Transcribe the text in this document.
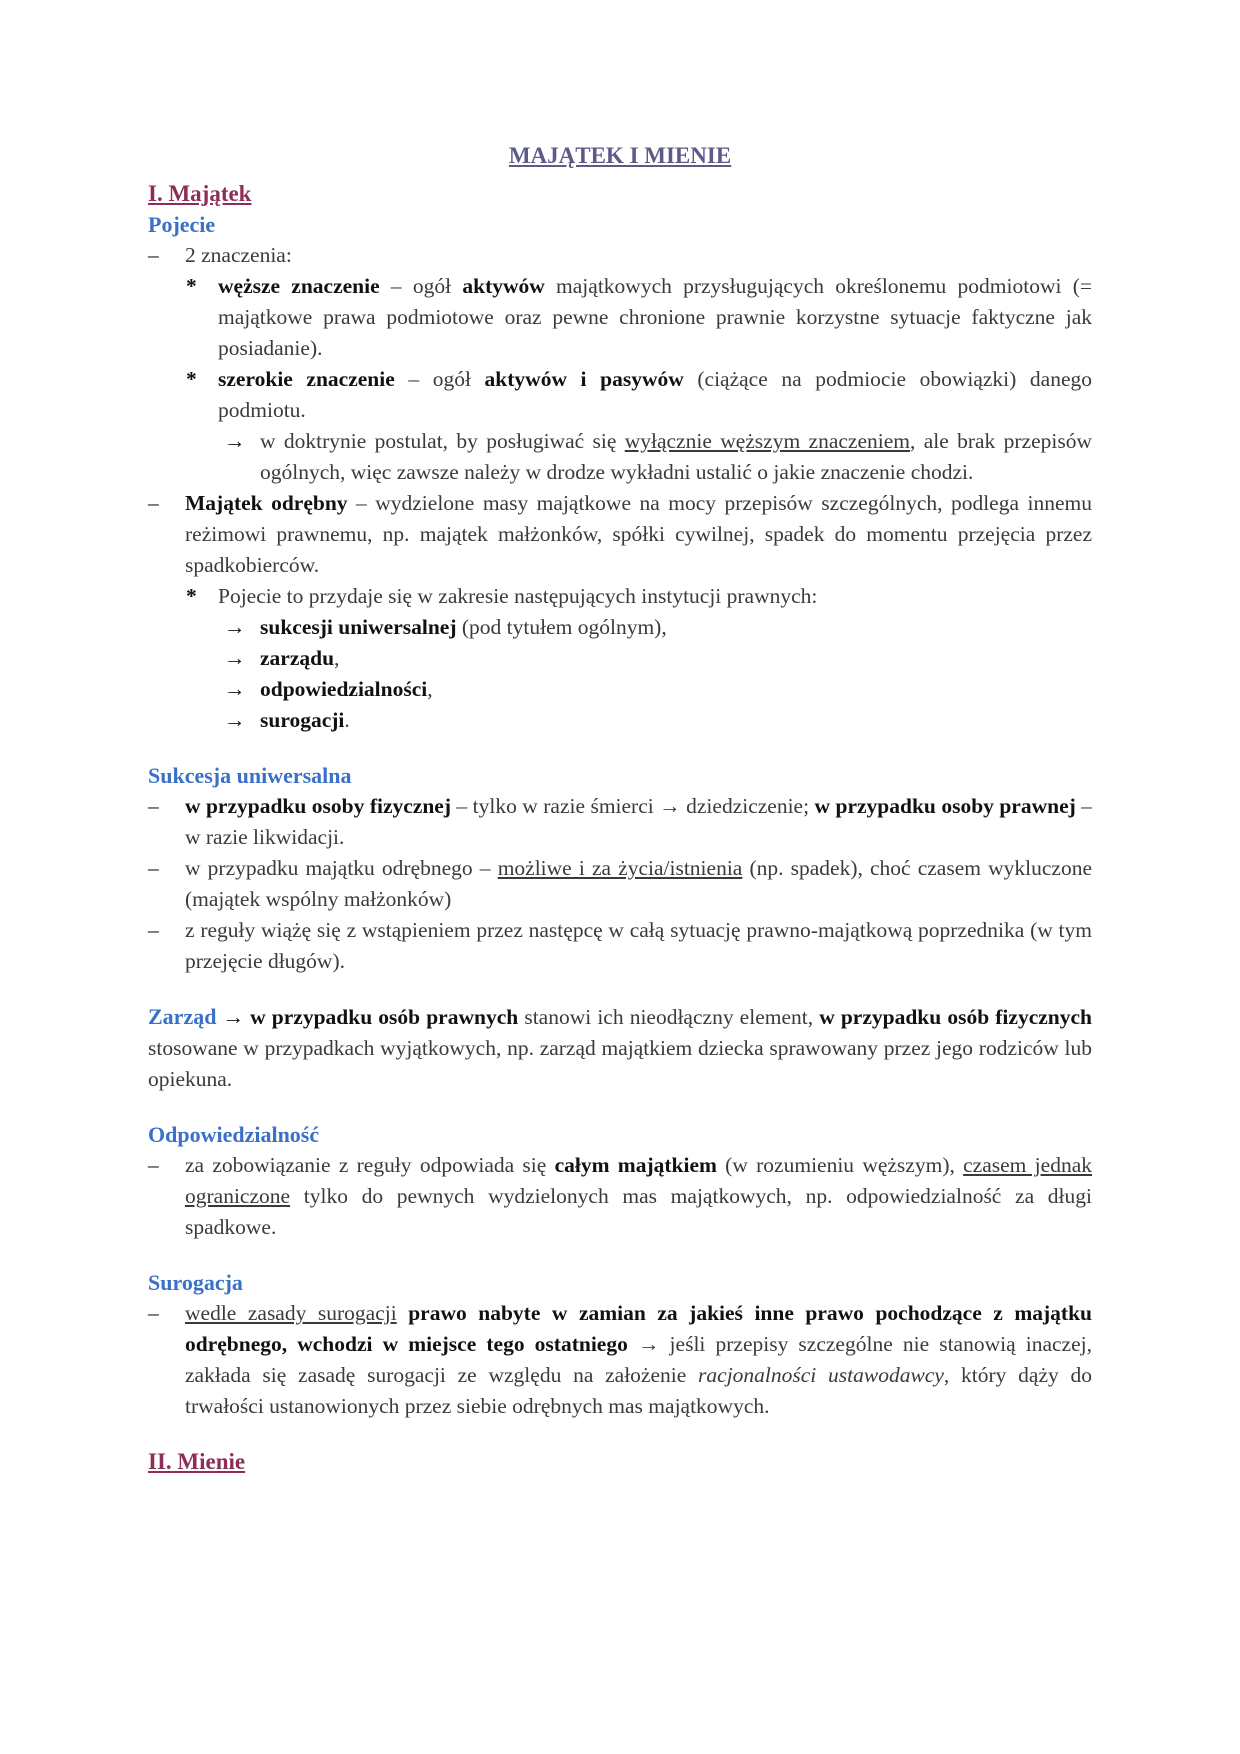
MAJĄTEK I MIENIE
I. Majątek
Pojecie
– 2 znaczenia:
* węższe znaczenie – ogół aktywów majątkowych przysługujących określonemu podmiotowi (= majątkowe prawa podmiotowe oraz pewne chronione prawnie korzystne sytuacje faktyczne jak posiadanie).
* szerokie znaczenie – ogół aktywów i pasywów (ciążące na podmiocie obowiązki) danego podmiotu.
→ w doktrynie postulat, by posługiwać się wyłącznie węższym znaczeniem, ale brak przepisów ogólnych, więc zawsze należy w drodze wykładni ustalić o jakie znaczenie chodzi.
– Majątek odrębny – wydzielone masy majątkowe na mocy przepisów szczególnych, podlega innemu reżimowi prawnemu, np. majątek małżonków, spółki cywilnej, spadek do momentu przejęcia przez spadkobierców.
* Pojecie to przydaje się w zakresie następujących instytucji prawnych:
→ sukcesji uniwersalnej (pod tytułem ogólnym),
→ zarządu,
→ odpowiedzialności,
→ surogacji.
Sukcesja uniwersalna
– w przypadku osoby fizycznej – tylko w razie śmierci → dziedziczenie; w przypadku osoby prawnej – w razie likwidacji.
– w przypadku majątku odrębnego – możliwe i za życia/istnienia (np. spadek), choć czasem wykluczone (majątek wspólny małżonków)
– z reguły wiążę się z wstąpieniem przez następcę w całą sytuację prawno-majątkową poprzednika (w tym przejęcie długów).

Zarząd → w przypadku osób prawnych stanowi ich nieodłączny element, w przypadku osób fizycznych stosowane w przypadkach wyjątkowych, np. zarząd majątkiem dziecka sprawowany przez jego rodziców lub opiekuna.

Odpowiedzialność
– za zobowiązanie z reguły odpowiada się całym majątkiem (w rozumieniu węższym), czasem jednak ograniczone tylko do pewnych wydzielonych mas majątkowych, np. odpowiedzialność za długi spadkowe.
Surogacja
– wedle zasady surogacji prawo nabyte w zamian za jakieś inne prawo pochodzące z majątku odrębnego, wchodzi w miejsce tego ostatniego → jeśli przepisy szczególne nie stanowią inaczej, zakłada się zasadę surogacji ze względu na założenie racjonalności ustawodawcy, który dąży do trwałości ustanowionych przez siebie odrębnych mas majątkowych.
II. Mienie
